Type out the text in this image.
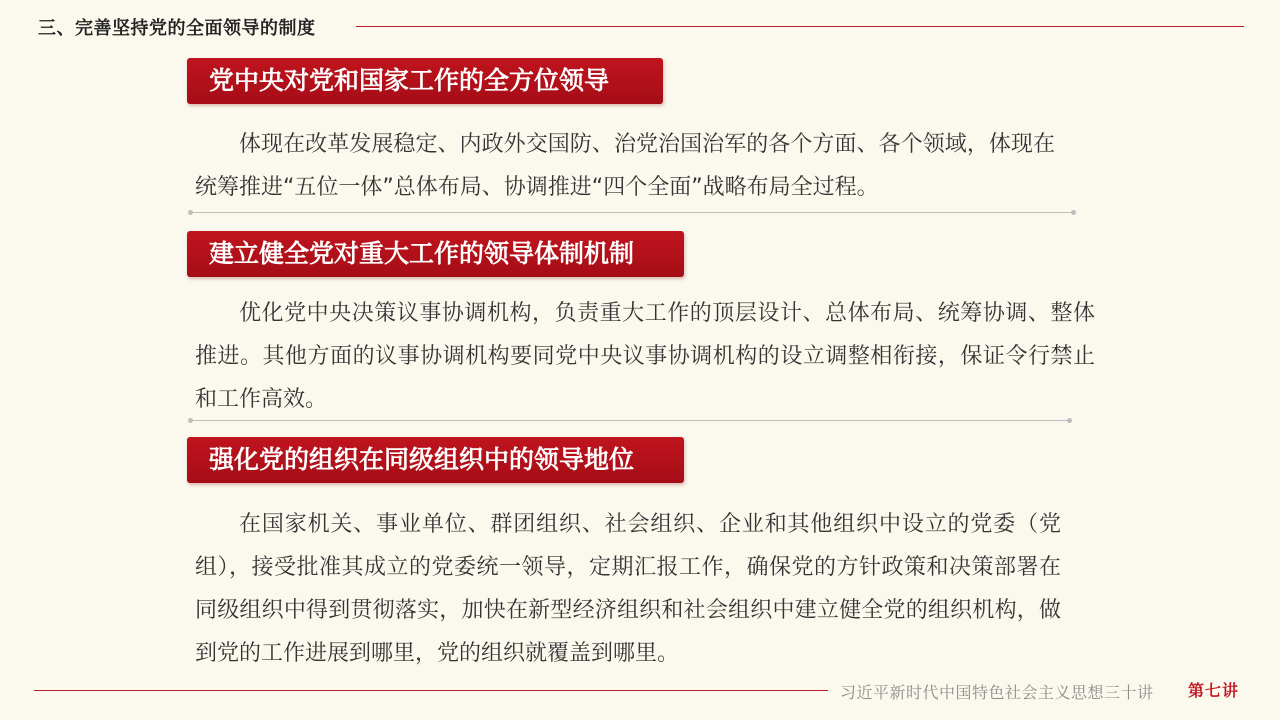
三、完善坚持党的全面领导的制度
党中央对党和国家工作的全方位领导

体现在改革发展稳定、内政外交国防、治党治国治军的各个方面、各个领域，体现在统筹推进“五位一体”总体布局、协调推进“四个全面”战略布局全过程。

建立健全党对重大工作的领导体制机制

优化党中央决策议事协调机构，负责重大工作的顶层设计、总体布局、统筹协调、整体推进。其他方面的议事协调机构要同党中央议事协调机构的设立调整相衔接，保证令行禁止和工作高效。

强化党的组织在同级组织中的领导地位

在国家机关、事业单位、群团组织、社会组织、企业和其他组织中设立的党委（党组），接受批准其成立的党委统一领导，定期汇报工作，确保党的方针政策和决策部署在同级组织中得到贯彻落实，加快在新型经济组织和社会组织中建立健全党的组织机构，做到党的工作进展到哪里，党的组织就覆盖到哪里。

习近平新时代中国特色社会主义思想三十讲 第七讲
